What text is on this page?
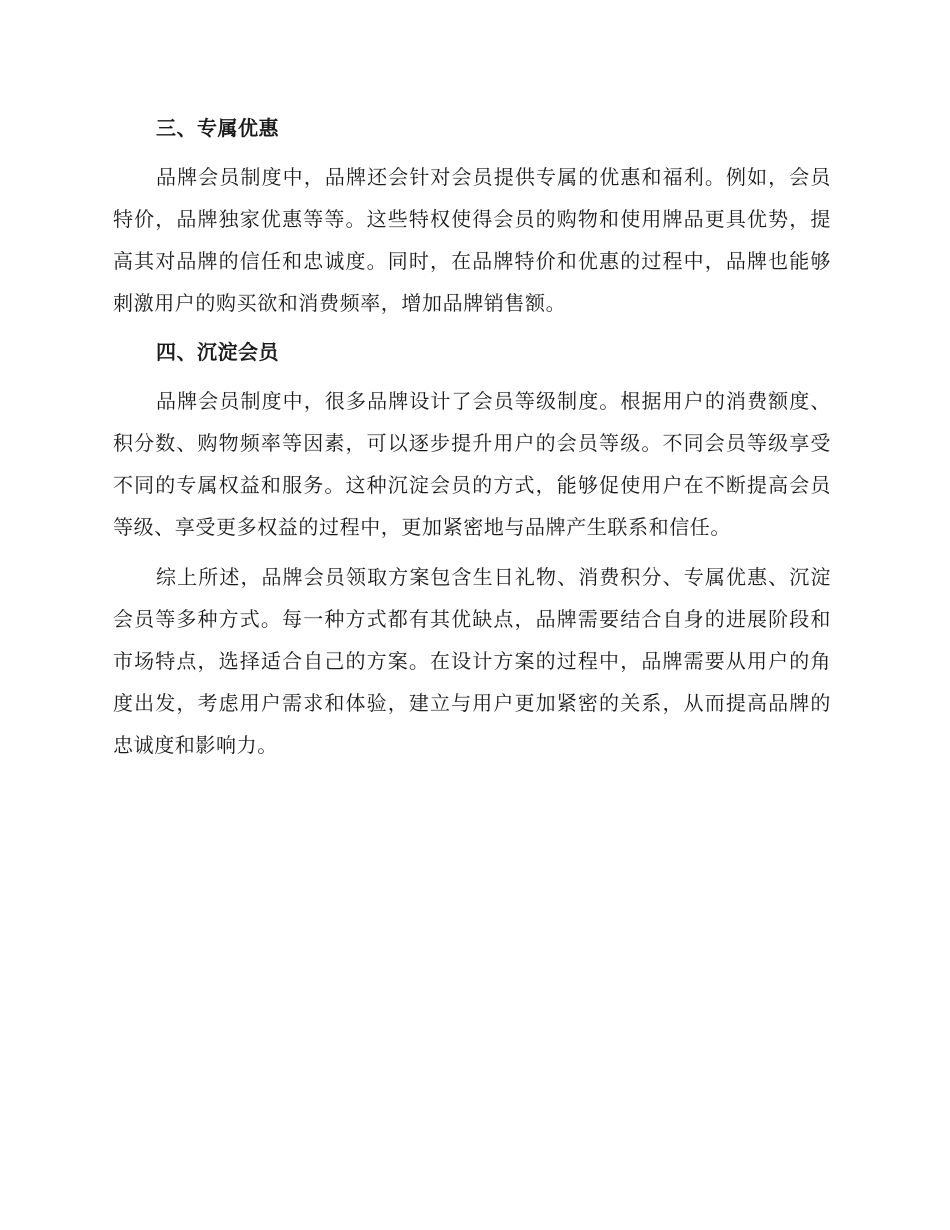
三、专属优惠

品牌会员制度中，品牌还会针对会员提供专属的优惠和福利。例如，会员特价，品牌独家优惠等等。这些特权使得会员的购物和使用牌品更具优势，提高其对品牌的信任和忠诚度。同时，在品牌特价和优惠的过程中，品牌也能够刺激用户的购买欲和消费频率，增加品牌销售额。

四、沉淀会员

品牌会员制度中，很多品牌设计了会员等级制度。根据用户的消费额度、积分数、购物频率等因素，可以逐步提升用户的会员等级。不同会员等级享受不同的专属权益和服务。这种沉淀会员的方式，能够促使用户在不断提高会员等级、享受更多权益的过程中，更加紧密地与品牌产生联系和信任。

综上所述，品牌会员领取方案包含生日礼物、消费积分、专属优惠、沉淀会员等多种方式。每一种方式都有其优缺点，品牌需要结合自身的进展阶段和市场特点，选择适合自己的方案。在设计方案的过程中，品牌需要从用户的角度出发，考虑用户需求和体验，建立与用户更加紧密的关系，从而提高品牌的忠诚度和影响力。
